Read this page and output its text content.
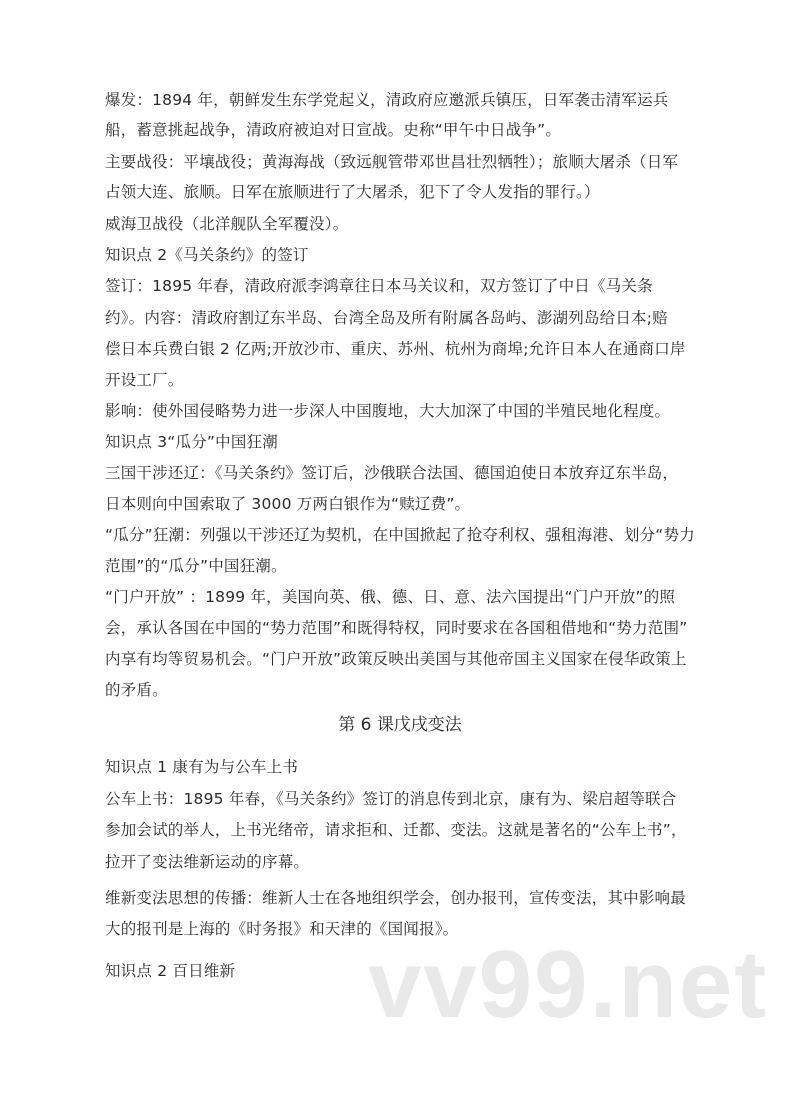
爆发：1894 年，朝鲜发生东学党起义，清政府应邀派兵镇压，日军袭击清军运兵
船，蓄意挑起战争，清政府被迫对日宣战。史称“甲午中日战争”。
主要战役：平壤战役；黄海海战（致远舰管带邓世昌壮烈牺牲）；旅顺大屠杀（日军
占领大连、旅顺。日军在旅顺进行了大屠杀，犯下了令人发指的罪行。）
威海卫战役（北洋舰队全军覆没）。
知识点 2《马关条约》的签订
签订：1895 年春，清政府派李鸿章往日本马关议和，双方签订了中日《马关条
约》。内容：清政府割辽东半岛、台湾全岛及所有附属各岛屿、澎湖列岛给日本;赔
偿日本兵费白银 2 亿两;开放沙市、重庆、苏州、杭州为商埠;允许日本人在通商口岸
开设工厂。
影响：使外国侵略势力进一步深人中国腹地，大大加深了中国的半殖民地化程度。
知识点 3“瓜分”中国狂潮
三国干涉还辽：《马关条约》签订后，沙俄联合法国、德国迫使日本放弃辽东半岛，
日本则向中国索取了 3000 万两白银作为“赎辽费”。
“瓜分”狂潮：列强以干涉还辽为契机，在中国掀起了抢夺利权、强租海港、划分“势力
范围”的“瓜分”中国狂潮。
“门户开放” ：1899 年，美国向英、俄、德、日、意、法六国提出“门户开放”的照
会，承认各国在中国的“势力范围”和既得特权，同时要求在各国租借地和“势力范围”
内享有均等贸易机会。“门户开放”政策反映出美国与其他帝国主义国家在侵华政策上
的矛盾。
第 6 课戊戌变法
知识点 1 康有为与公车上书
公车上书：1895 年春，《马关条约》签订的消息传到北京，康有为、梁启超等联合
参加会试的举人，上书光绪帝，请求拒和、迁都、变法。这就是著名的“公车上书”，
拉开了变法维新运动的序幕。
维新变法思想的传播：维新人士在各地组织学会，创办报刊，宣传变法，其中影响最
大的报刊是上海的《时务报》和天津的《国闻报》。
知识点 2 百日维新 vv99.net
